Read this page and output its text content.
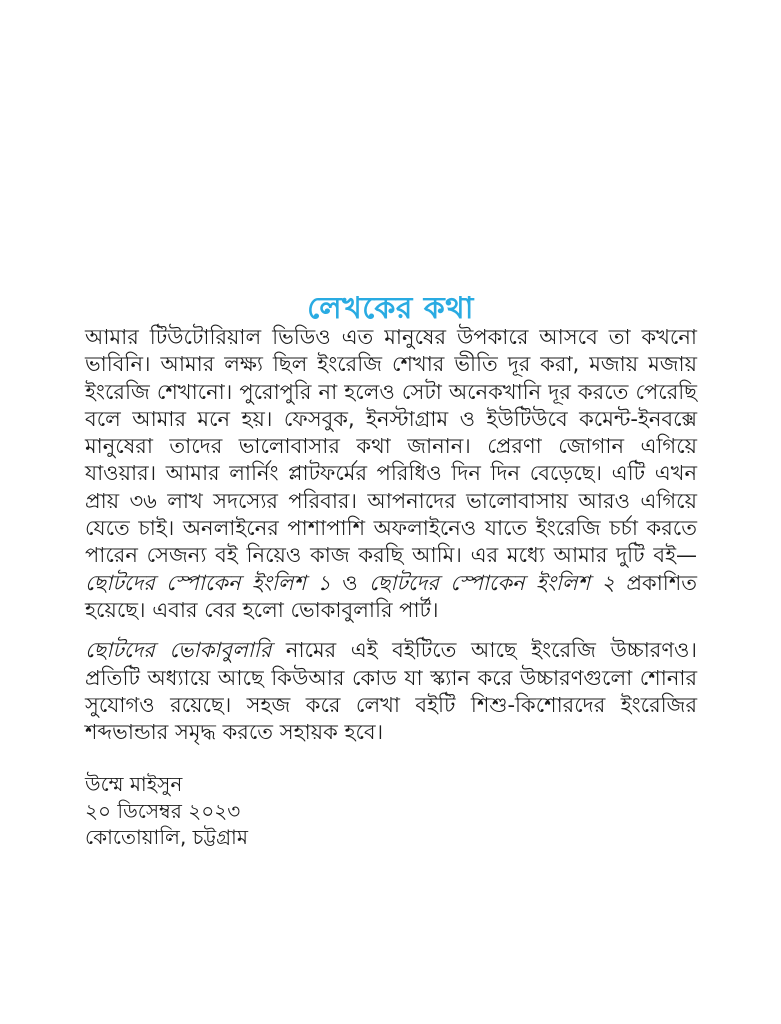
লেখকের কথা

আমার টিউটোরিয়াল ভিডিও এত মানুষের উপকারে আসবে তা কখনো ভাবিনি। আমার লক্ষ্য ছিল ইংরেজি শেখার ভীতি দূর করা, মজায় মজায় ইংরেজি শেখানো। পুরোপুরি না হলেও সেটা অনেকখানি দূর করতে পেরেছি বলে আমার মনে হয়। ফেসবুক, ইনস্টাগ্রাম ও ইউটিউবে কমেন্ট-ইনবক্সে মানুষেরা তাদের ভালোবাসার কথা জানান। প্রেরণা জোগান এগিয়ে যাওয়ার। আমার লার্নিং প্লাটফর্মের পরিধিও দিন দিন বেড়েছে। এটি এখন প্রায় ৩৬ লাখ সদস্যের পরিবার। আপনাদের ভালোবাসায় আরও এগিয়ে যেতে চাই। অনলাইনের পাশাপাশি অফলাইনেও যাতে ইংরেজি চর্চা করতে পারেন সেজন্য বই নিয়েও কাজ করছি আমি। এর মধ্যে আমার দুটি বই—ছোটদের স্পোকেন ইংলিশ ১ ও ছোটদের স্পোকেন ইংলিশ ২ প্রকাশিত হয়েছে। এবার বের হলো ভোকাবুলারি পার্ট।

ছোটদের ভোকাবুলারি নামের এই বইটিতে আছে ইংরেজি উচ্চারণও। প্রতিটি অধ্যায়ে আছে কিউআর কোড যা স্ক্যান করে উচ্চারণগুলো শোনার সুযোগও রয়েছে। সহজ করে লেখা বইটি শিশু-কিশোরদের ইংরেজির শব্দভান্ডার সমৃদ্ধ করতে সহায়ক হবে।

উম্মে মাইসুন
২০ ডিসেম্বর ২০২৩
কোতোয়ালি, চট্টগ্রাম
